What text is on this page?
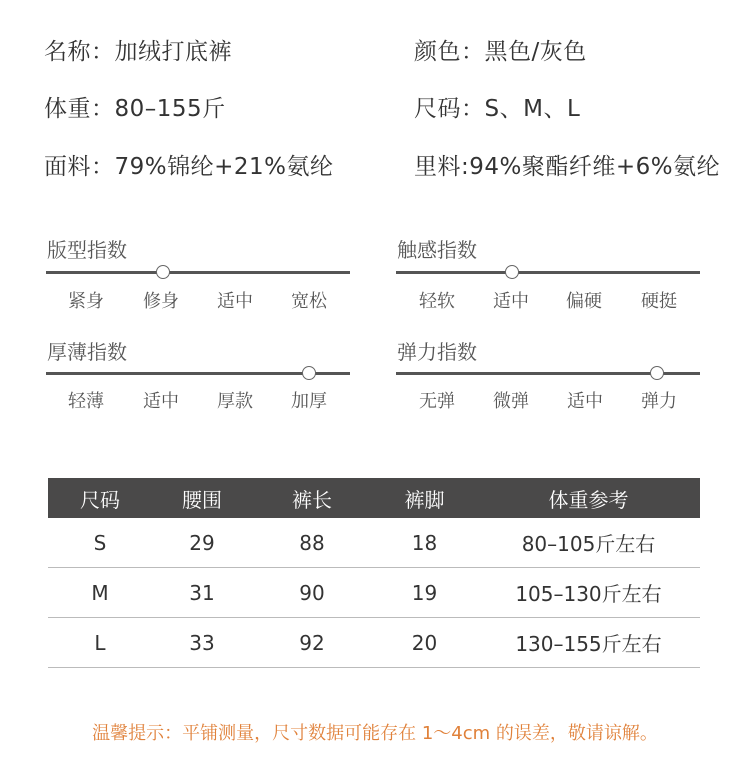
名称：加绒打底裤	颜色：黑色/灰色
体重：80–155斤	尺码：S、M、L
面料：79%锦纶+21%氨纶	里料:94%聚酯纤维+6%氨纶
版型指数
紧身 修身 适中 宽松
触感指数
轻软 适中 偏硬 硬挺
厚薄指数
轻薄 适中 厚款 加厚
弹力指数
无弹 微弹 适中 弹力
尺码	腰围	裤长	裤脚	体重参考
S	29	88	18	80–105斤左右
M	31	90	19	105–130斤左右
L	33	92	20	130–155斤左右
温馨提示：平铺测量，尺寸数据可能存在 1～4cm 的误差，敬请谅解。
